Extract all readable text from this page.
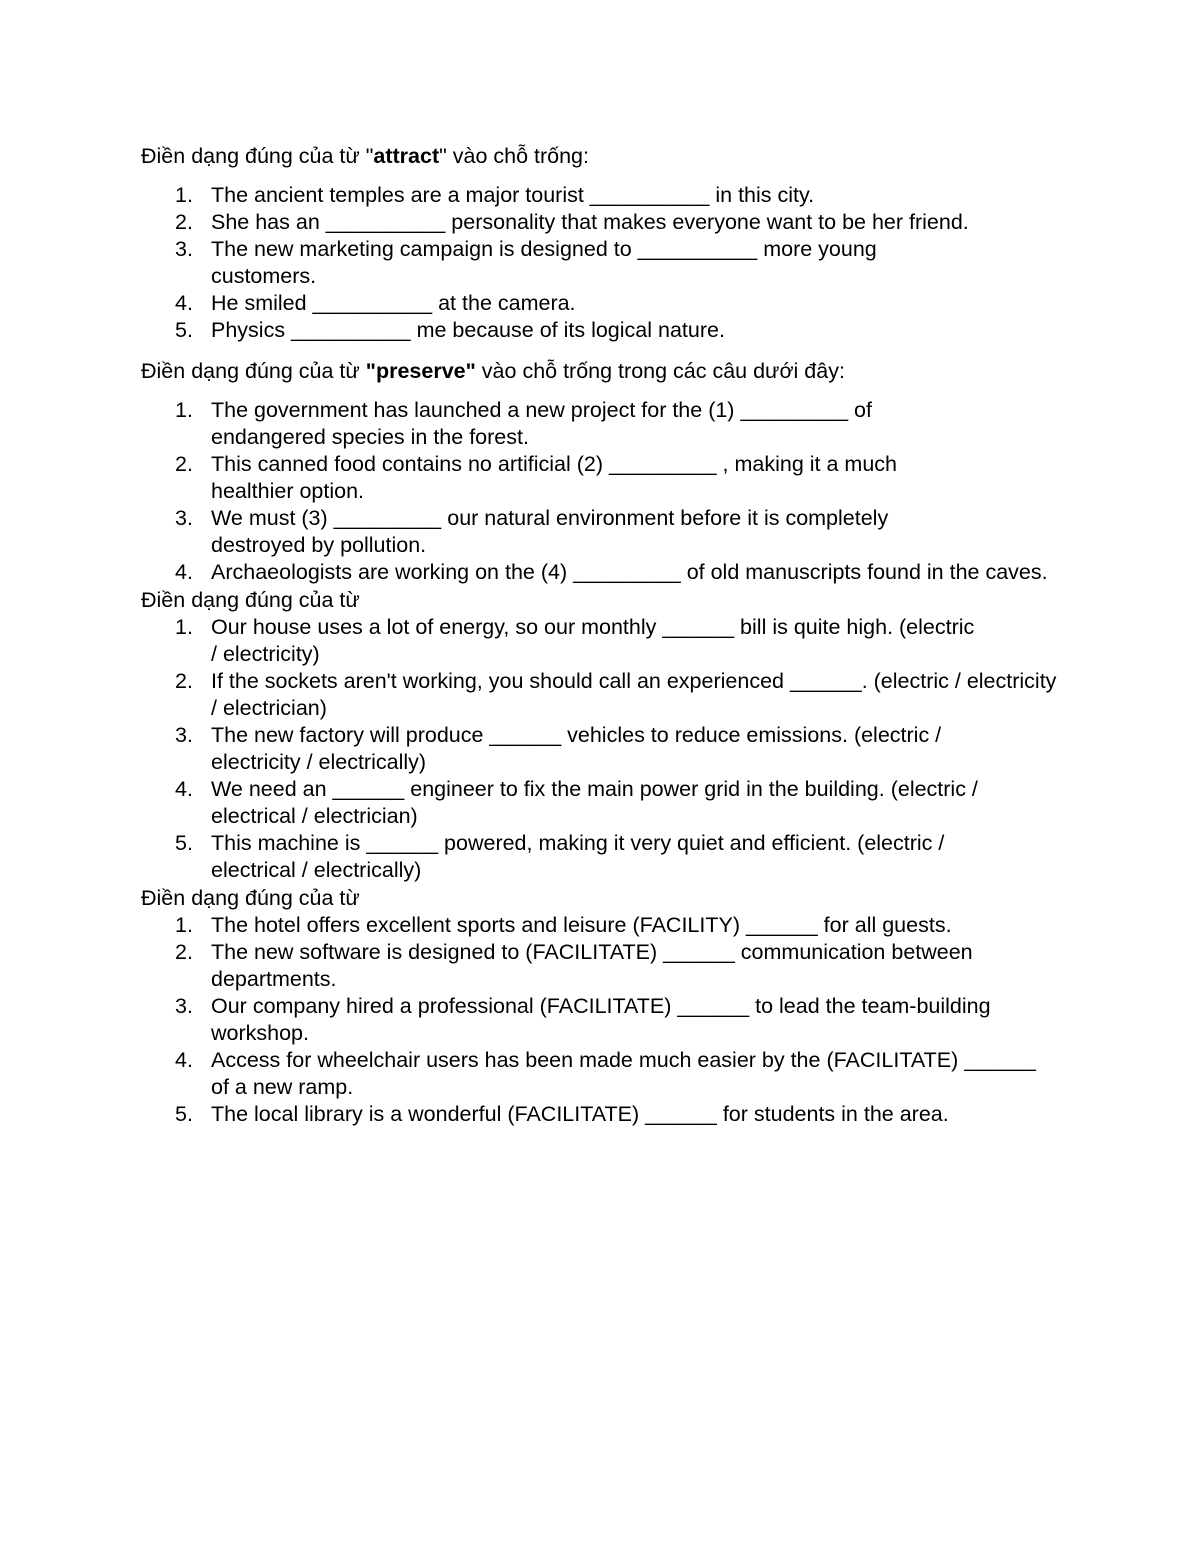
Điền dạng đúng của từ "attract" vào chỗ trống:

1. The ancient temples are a major tourist __________ in this city.
2. She has an __________ personality that makes everyone want to be her friend.
3. The new marketing campaign is designed to __________ more young customers.
4. He smiled __________ at the camera.
5. Physics __________ me because of its logical nature.

Điền dạng đúng của từ "preserve" vào chỗ trống trong các câu dưới đây:

1. The government has launched a new project for the (1) _________ of endangered species in the forest.
2. This canned food contains no artificial (2) _________ , making it a much healthier option.
3. We must (3) _________ our natural environment before it is completely destroyed by pollution.
4. Archaeologists are working on the (4) _________ of old manuscripts found in the caves.

Điền dạng đúng của từ

1. Our house uses a lot of energy, so our monthly ______ bill is quite high. (electric / electricity)
2. If the sockets aren't working, you should call an experienced ______. (electric / electricity / electrician)
3. The new factory will produce ______ vehicles to reduce emissions. (electric / electricity / electrically)
4. We need an ______ engineer to fix the main power grid in the building. (electric / electrical / electrician)
5. This machine is ______ powered, making it very quiet and efficient. (electric / electrical / electrically)

Điền dạng đúng của từ

1. The hotel offers excellent sports and leisure (FACILITY) ______ for all guests.
2. The new software is designed to (FACILITATE) ______ communication between departments.
3. Our company hired a professional (FACILITATE) ______ to lead the team-building workshop.
4. Access for wheelchair users has been made much easier by the (FACILITATE) ______ of a new ramp.
5. The local library is a wonderful (FACILITATE) ______ for students in the area.
